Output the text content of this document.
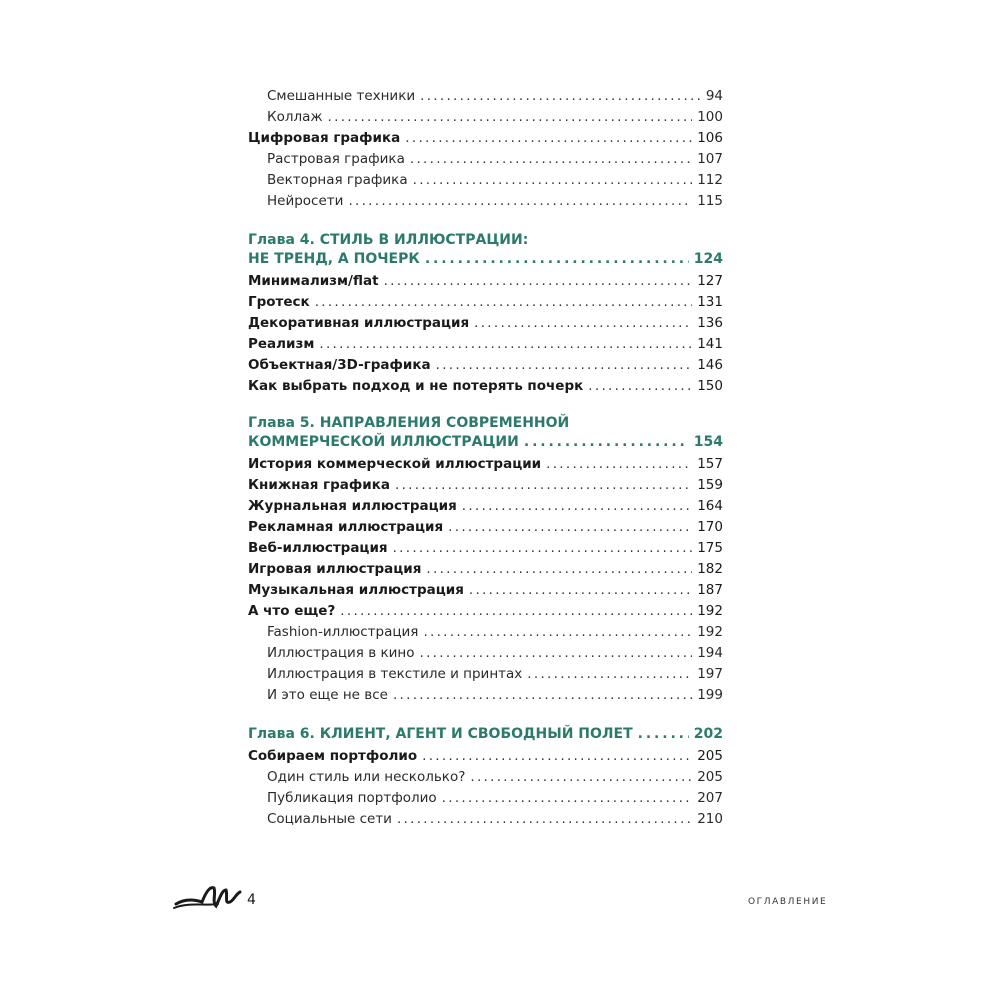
Смешанные техники . . .	94
Коллаж . . .	100
Цифровая графика . . .	106
Растровая графика . . .	107
Векторная графика . . .	112
Нейросети . . .	115
Глава 4. СТИЛЬ В ИЛЛЮСТРАЦИИ:
НЕ ТРЕНД, А ПОЧЕРК . . .	124
Минимализм/flat . . .	127
Гротеск . . .	131
Декоративная иллюстрация . . .	136
Реализм . . .	141
Объектная/3D-графика . . .	146
Как выбрать подход и не потерять почерк . . .	150
Глава 5. НАПРАВЛЕНИЯ СОВРЕМЕННОЙ
КОММЕРЧЕСКОЙ ИЛЛЮСТРАЦИИ . . .	154
История коммерческой иллюстрации . . .	157
Книжная графика . . .	159
Журнальная иллюстрация . . .	164
Рекламная иллюстрация . . .	170
Веб-иллюстрация . . .	175
Игровая иллюстрация . . .	182
Музыкальная иллюстрация . . .	187
А что еще? . . .	192
Fashion-иллюстрация . . .	192
Иллюстрация в кино . . .	194
Иллюстрация в текстиле и принтах . . .	197
И это еще не все . . .	199
Глава 6. КЛИЕНТ, АГЕНТ И СВОБОДНЫЙ ПОЛЕТ . . .	202
Собираем портфолио . . .	205
Один стиль или несколько? . . .	205
Публикация портфолио . . .	207
Социальные сети . . .	210
4	ОГЛАВЛЕНИЕ
